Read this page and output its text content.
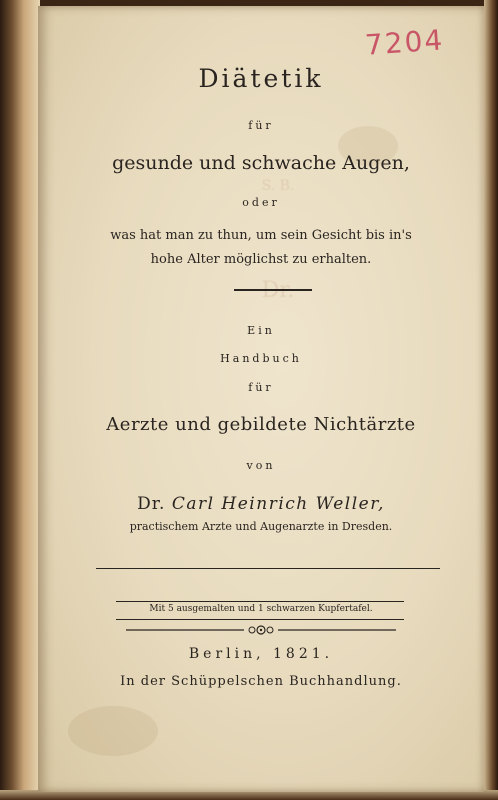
S. B.
Dr.
7204
Diätetik
für
gesunde und schwache Augen,
oder
was hat man zu thun, um sein Gesicht bis in's
hohe Alter möglichst zu erhalten.
Ein
Handbuch
für
Aerzte und gebildete Nichtärzte
von
Dr. Carl Heinrich Weller,
practischem Arzte und Augenarzte in Dresden.
Mit 5 ausgemalten und 1 schwarzen Kupfertafel.
Berlin, 1821.
In der Schüppelschen Buchhandlung.
